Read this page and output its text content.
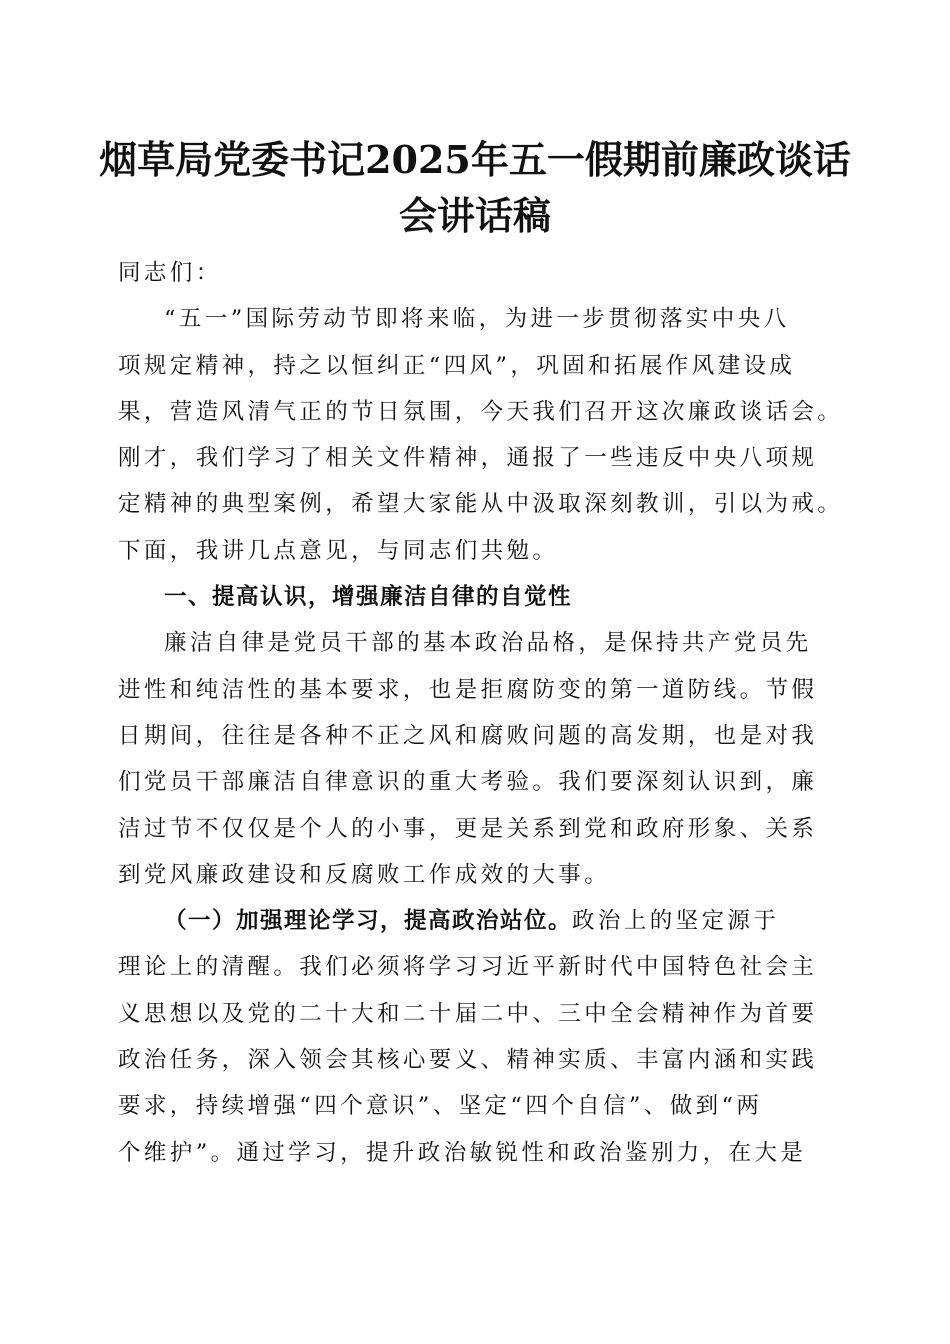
烟草局党委书记2025年五一假期前廉政谈话
会讲话稿
同志们：
“五一”国际劳动节即将来临，为进一步贯彻落实中央八
项规定精神，持之以恒纠正“四风”，巩固和拓展作风建设成
果，营造风清气正的节日氛围，今天我们召开这次廉政谈话会。
刚才，我们学习了相关文件精神，通报了一些违反中央八项规
定精神的典型案例，希望大家能从中汲取深刻教训，引以为戒。
下面，我讲几点意见，与同志们共勉。
一、提高认识，增强廉洁自律的自觉性
廉洁自律是党员干部的基本政治品格，是保持共产党员先
进性和纯洁性的基本要求，也是拒腐防变的第一道防线。节假
日期间，往往是各种不正之风和腐败问题的高发期，也是对我
们党员干部廉洁自律意识的重大考验。我们要深刻认识到，廉
洁过节不仅仅是个人的小事，更是关系到党和政府形象、关系
到党风廉政建设和反腐败工作成效的大事。
（一）加强理论学习，提高政治站位。政治上的坚定源于
理论上的清醒。我们必须将学习习近平新时代中国特色社会主
义思想以及党的二十大和二十届二中、三中全会精神作为首要
政治任务，深入领会其核心要义、精神实质、丰富内涵和实践
要求，持续增强“四个意识”、坚定“四个自信”、做到“两
个维护”。通过学习，提升政治敏锐性和政治鉴别力，在大是
